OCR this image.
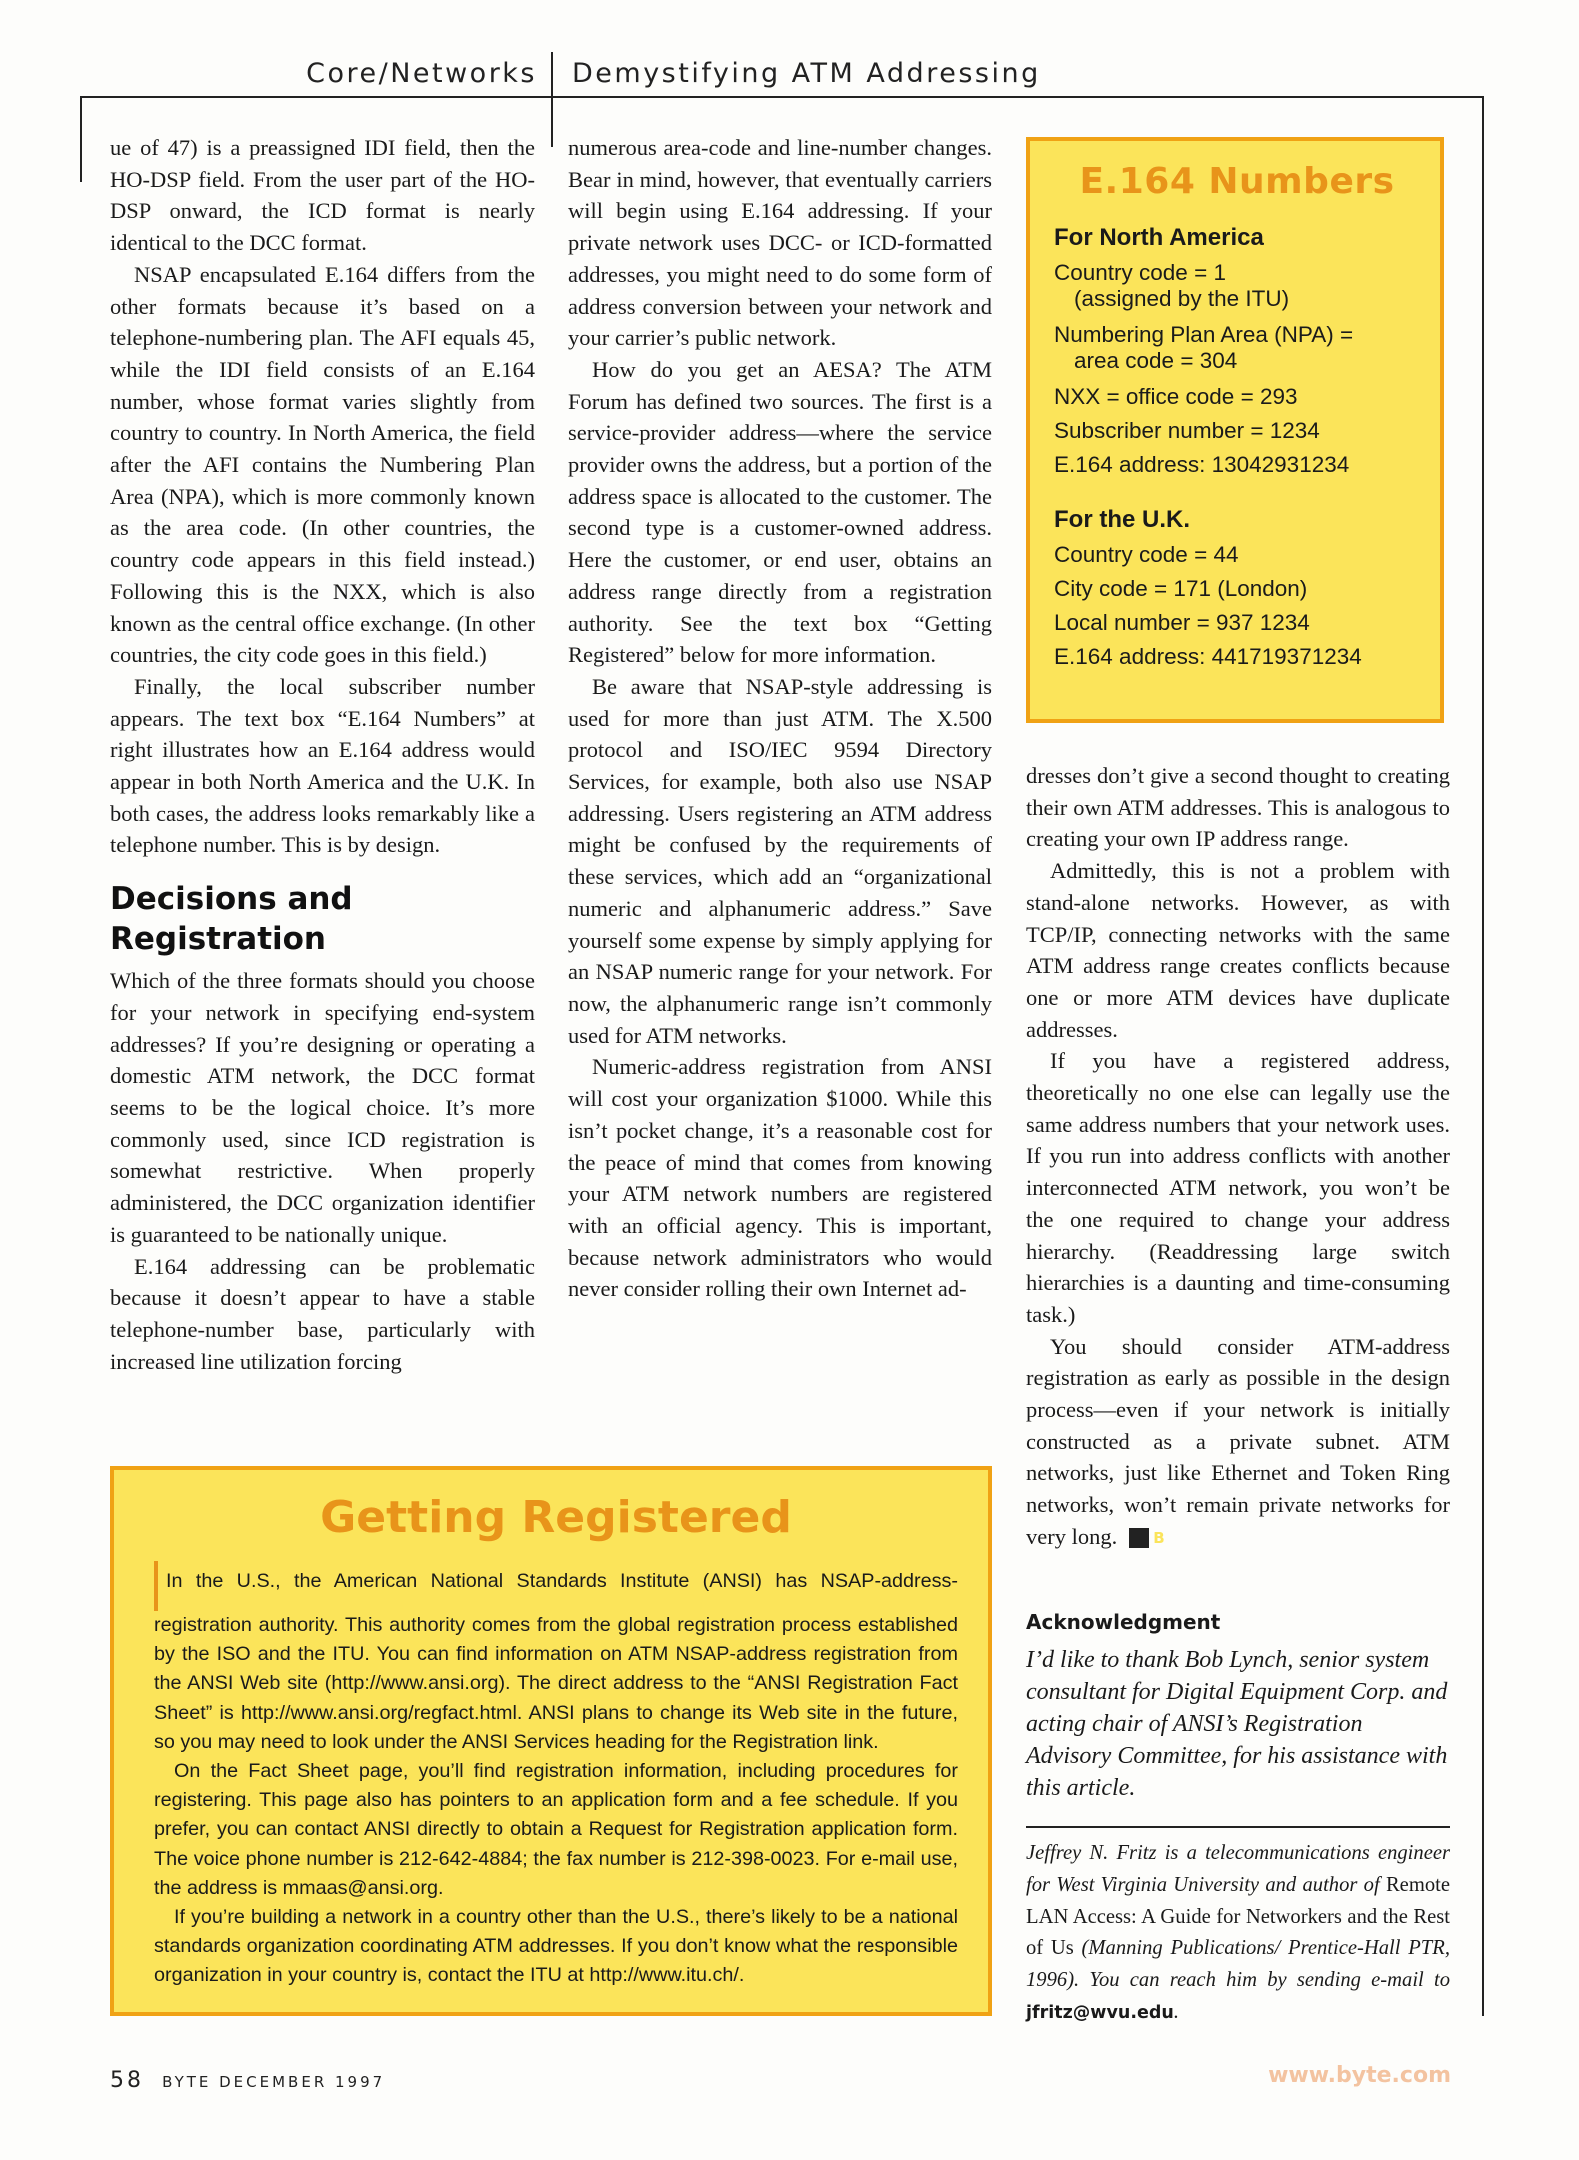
Core/Networks Demystifying ATM Addressing

ue of 47) is a preassigned IDI field, then the HO-DSP field. From the user part of the HO-DSP onward, the ICD format is nearly identical to the DCC format.

NSAP encapsulated E.164 differs from the other formats because it’s based on a telephone-numbering plan. The AFI equals 45, while the IDI field consists of an E.164 number, whose format varies slightly from country to country. In North America, the field after the AFI contains the Numbering Plan Area (NPA), which is more commonly known as the area code. (In other countries, the country code appears in this field instead.) Following this is the NXX, which is also known as the central office exchange. (In other countries, the city code goes in this field.)

Finally, the local subscriber number appears. The text box “E.164 Numbers” at right illustrates how an E.164 address would appear in both North America and the U.K. In both cases, the address looks remarkably like a telephone number. This is by design.

Decisions and Registration

Which of the three formats should you choose for your network in specifying end-system addresses? If you’re designing or operating a domestic ATM network, the DCC format seems to be the logical choice. It’s more commonly used, since ICD registration is somewhat restrictive. When properly administered, the DCC organization identifier is guaranteed to be nationally unique.

E.164 addressing can be problematic because it doesn’t appear to have a stable telephone-number base, particularly with increased line utilization forcing

numerous area-code and line-number changes. Bear in mind, however, that eventually carriers will begin using E.164 addressing. If your private network uses DCC- or ICD-formatted addresses, you might need to do some form of address conversion between your network and your carrier’s public network.

How do you get an AESA? The ATM Forum has defined two sources. The first is a service-provider address—where the service provider owns the address, but a portion of the address space is allocated to the customer. The second type is a customer-owned address. Here the customer, or end user, obtains an address range directly from a registration authority. See the text box “Getting Registered” below for more information.

Be aware that NSAP-style addressing is used for more than just ATM. The X.500 protocol and ISO/IEC 9594 Directory Services, for example, both also use NSAP addressing. Users registering an ATM address might be confused by the requirements of these services, which add an “organizational numeric and alphanumeric address.” Save yourself some expense by simply applying for an NSAP numeric range for your network. For now, the alphanumeric range isn’t commonly used for ATM networks.

Numeric-address registration from ANSI will cost your organization $1000. While this isn’t pocket change, it’s a reasonable cost for the peace of mind that comes from knowing your ATM network numbers are registered with an official agency. This is important, because network administrators who would never consider rolling their own Internet ad-

E.164 Numbers
For North America
Country code = 1
(assigned by the ITU)
Numbering Plan Area (NPA) =
area code = 304
NXX = office code = 293
Subscriber number = 1234
E.164 address: 13042931234
For the U.K.
Country code = 44
City code = 171 (London)
Local number = 937 1234
E.164 address: 441719371234

dresses don’t give a second thought to creating their own ATM addresses. This is analogous to creating your own IP address range.

Admittedly, this is not a problem with stand-alone networks. However, as with TCP/IP, connecting networks with the same ATM address range creates conflicts because one or more ATM devices have duplicate addresses.

If you have a registered address, theoretically no one else can legally use the same address numbers that your network uses. If you run into address conflicts with another interconnected ATM network, you won’t be the one required to change your address hierarchy. (Readdressing large switch hierarchies is a daunting and time-consuming task.)

You should consider ATM-address registration as early as possible in the design process—even if your network is initially constructed as a private subnet. ATM networks, just like Ethernet and Token Ring networks, won’t remain private networks for very long. B

Getting Registered

In the U.S., the American National Standards Institute (ANSI) has NSAP-address-registration authority. This authority comes from the global registration process established by the ISO and the ITU. You can find information on ATM NSAP-address registration from the ANSI Web site (http://www.ansi.org). The direct address to the “ANSI Registration Fact Sheet” is http://www.ansi.org/regfact.html. ANSI plans to change its Web site in the future, so you may need to look under the ANSI Services heading for the Registration link.

On the Fact Sheet page, you’ll find registration information, including procedures for registering. This page also has pointers to an application form and a fee schedule. If you prefer, you can contact ANSI directly to obtain a Request for Registration application form. The voice phone number is 212-642-4884; the fax number is 212-398-0023. For e-mail use, the address is mmaas@ansi.org.

If you’re building a network in a country other than the U.S., there’s likely to be a national standards organization coordinating ATM addresses. If you don’t know what the responsible organization in your country is, contact the ITU at http://www.itu.ch/.

Acknowledgment
I’d like to thank Bob Lynch, senior system consultant for Digital Equipment Corp. and acting chair of ANSI’s Registration Advisory Committee, for his assistance with this article.
Jeffrey N. Fritz is a telecommunications engineer for West Virginia University and author of Remote LAN Access: A Guide for Networkers and the Rest of Us (Manning Publications/ Prentice-Hall PTR, 1996). You can reach him by sending e-mail to jfritz@wvu.edu.
58 BYTE DECEMBER 1997	www.byte.com
